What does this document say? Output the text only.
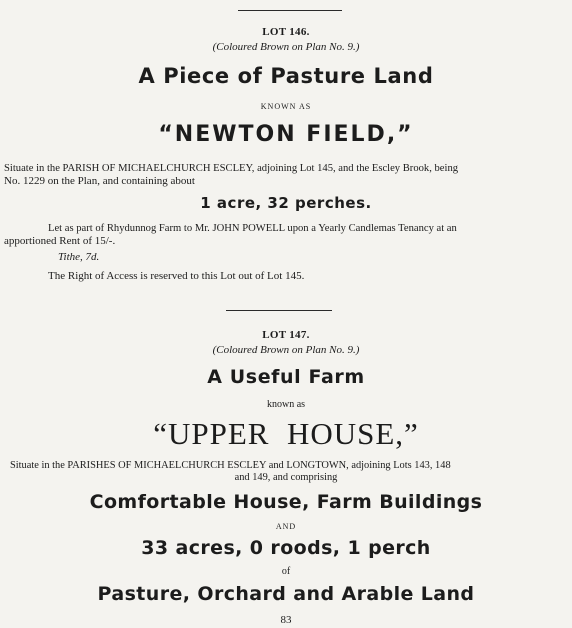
LOT 146.
(Coloured Brown on Plan No. 9.)
A Piece of Pasture Land
KNOWN AS
“NEWTON FIELD,”
Situate in the PARISH OF MICHAELCHURCH ESCLEY, adjoining Lot 145, and the Escley Brook, being
No. 1229 on the Plan, and containing about
1 acre, 32 perches.
Let as part of Rhydunnog Farm to Mr. JOHN POWELL upon a Yearly Candlemas Tenancy at an
apportioned Rent of 15/-.
Tithe, 7d.
The Right of Access is reserved to this Lot out of Lot 145.
LOT 147.
(Coloured Brown on Plan No. 9.)
A Useful Farm
known as
“UPPER  HOUSE,”
Situate in the PARISHES OF MICHAELCHURCH ESCLEY and LONGTOWN, adjoining Lots 143, 148
and 149, and comprising
Comfortable House, Farm Buildings
AND
33 acres, 0 roods, 1 perch
of
Pasture, Orchard and Arable Land
83
